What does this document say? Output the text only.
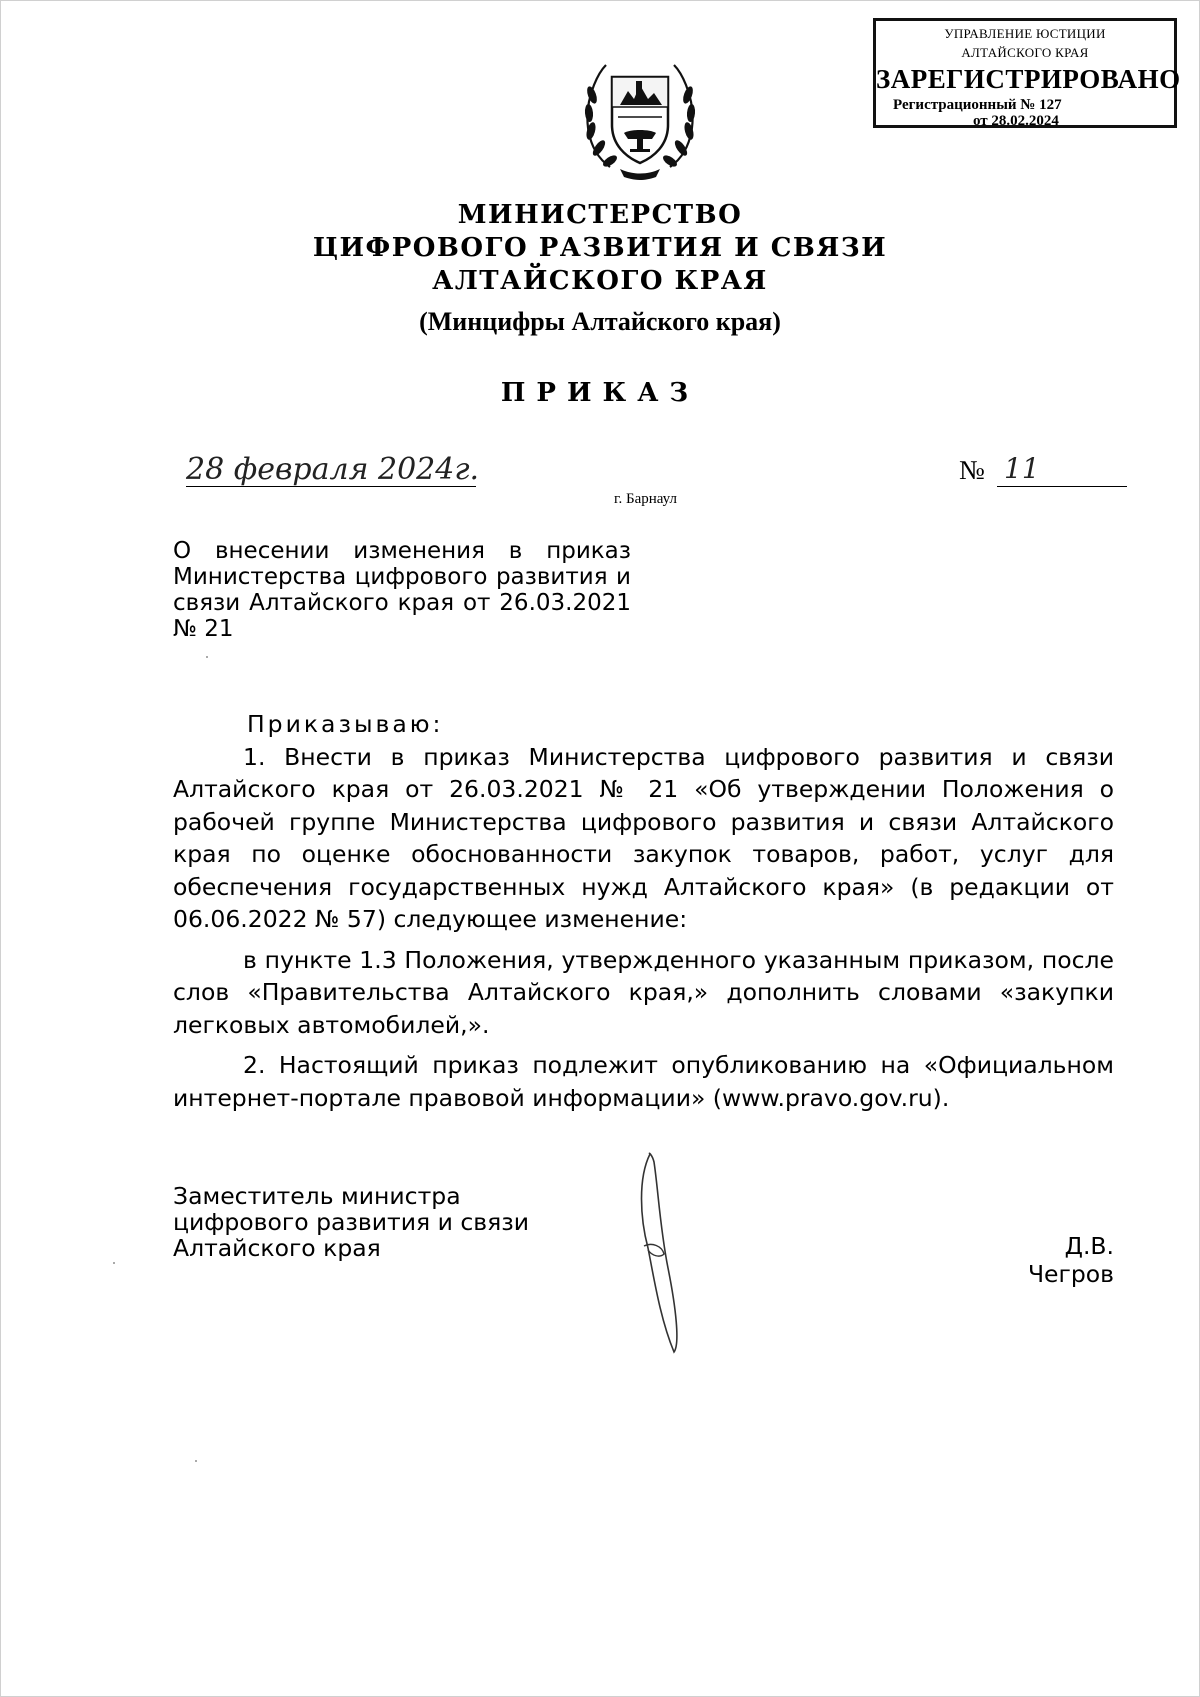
УПРАВЛЕНИЕ ЮСТИЦИИ
АЛТАЙСКОГО КРАЯ
ЗАРЕГИСТРИРОВАНО
Регистрационный № 127
от 28.02.2024
МИНИСТЕРСТВО
ЦИФРОВОГО РАЗВИТИЯ И СВЯЗИ
АЛТАЙСКОГО КРАЯ
(Минцифры Алтайского края)
ПРИКАЗ
28 февраля 2024г.
г. Барнаул
№ 11
О внесении изменения в приказ Министерства цифрового развития и связи Алтайского края от 26.03.2021 № 21

Приказываю:

1. Внести в приказ Министерства цифрового развития и связи Алтайского края от 26.03.2021 № 21 «Об утверждении Положения о рабочей группе Министерства цифрового развития и связи Алтайского края по оценке обоснованности закупок товаров, работ, услуг для обеспечения государственных нужд Алтайского края» (в редакции от 06.06.2022 № 57) следующее изменение:

в пункте 1.3 Положения, утвержденного указанным приказом, после слов «Правительства Алтайского края,» дополнить словами «закупки легковых автомобилей,».

2. Настоящий приказ подлежит опубликованию на «Официальном интернет-портале правовой информации» (www.pravo.gov.ru).

Заместитель министра
цифрового развития и связи
Алтайского края	Д.В. Чегров
